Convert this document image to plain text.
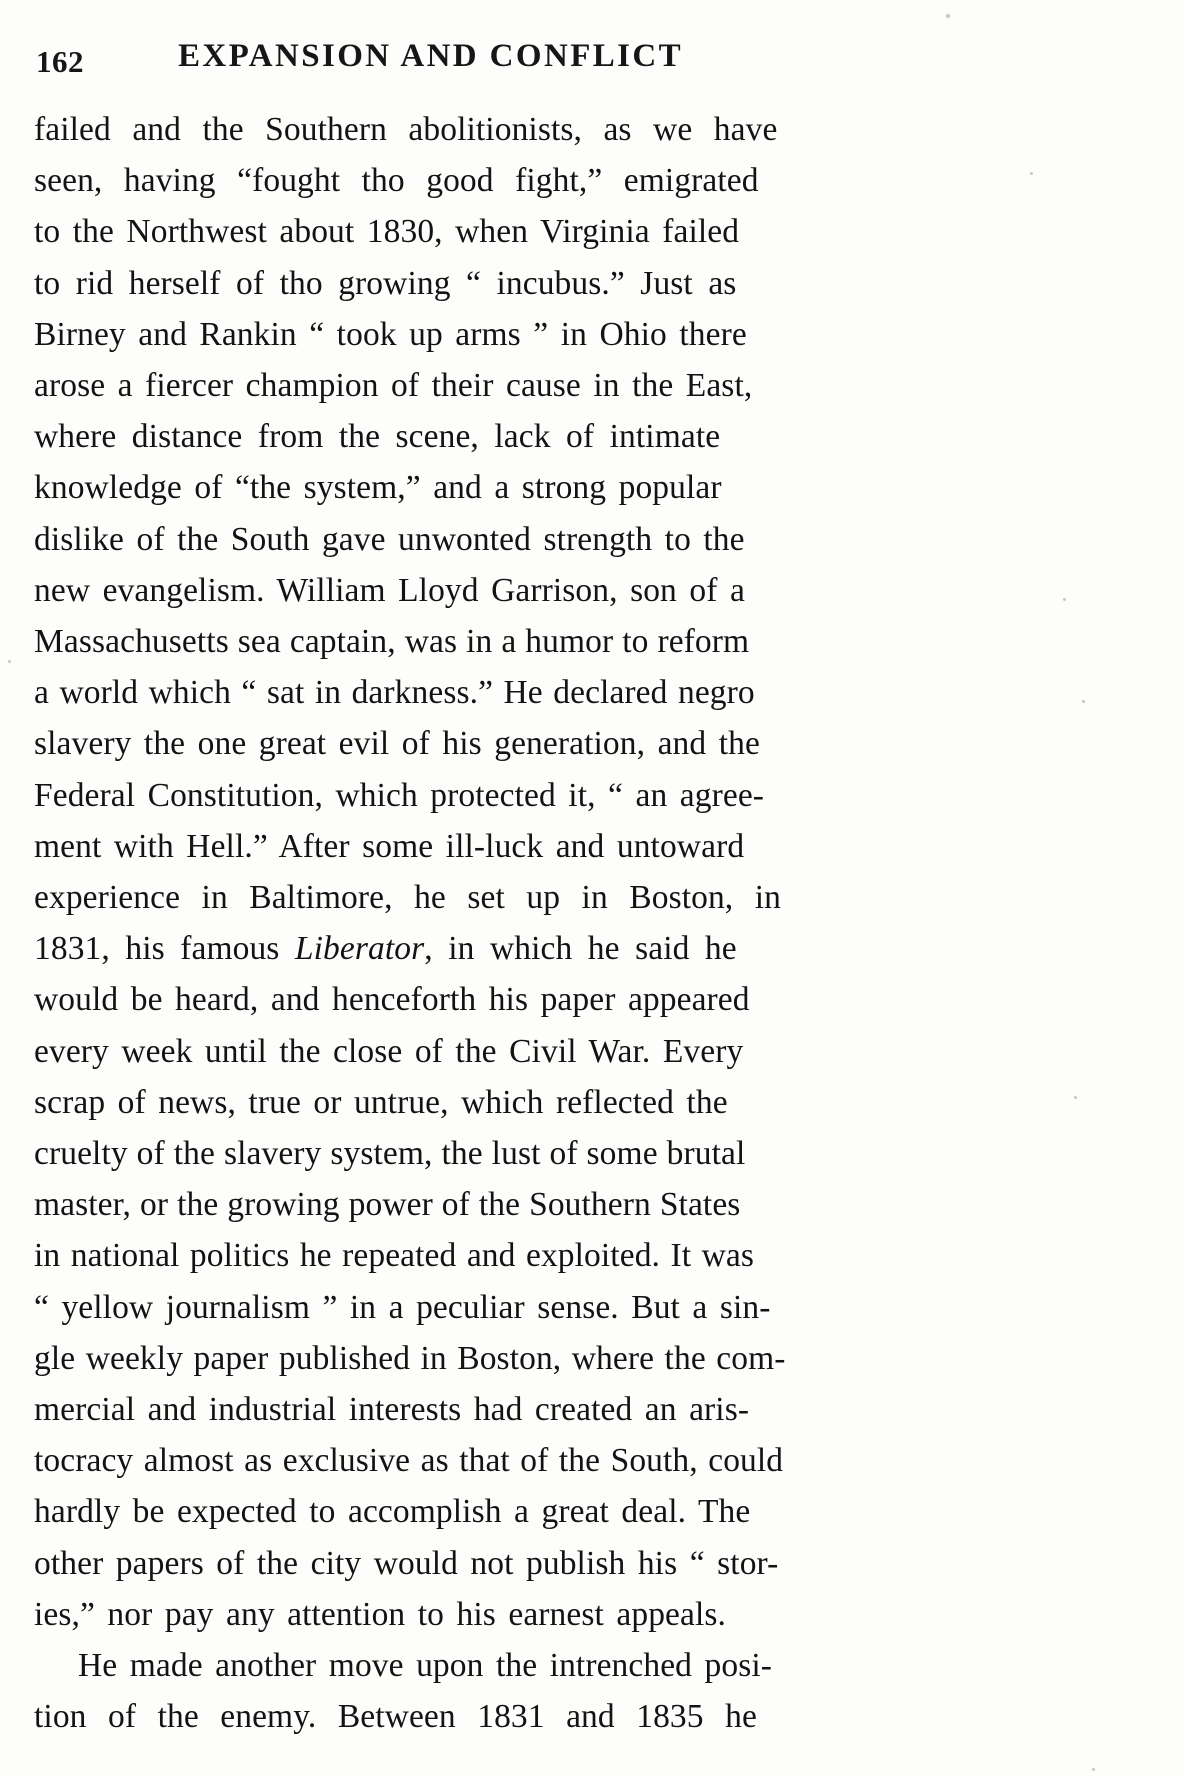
162	EXPANSION AND CONFLICT
failed and the Southern abolitionists, as we have
seen, having “fought tho good fight,” emigrated
to the Northwest about 1830, when Virginia failed
to rid herself of tho growing “ incubus.” Just as
Birney and Rankin “ took up arms ” in Ohio there
arose a fiercer champion of their cause in the East,
where distance from the scene, lack of intimate
knowledge of “the system,” and a strong popular
dislike of the South gave unwonted strength to the
new evangelism. William Lloyd Garrison, son of a
Massachusetts sea captain, was in a humor to reform
a world which “ sat in darkness.” He declared negro
slavery the one great evil of his generation, and the
Federal Constitution, which protected it, “ an agree-
ment with Hell.” After some ill-luck and untoward
experience in Baltimore, he set up in Boston, in
1831, his famous Liberator, in which he said he
would be heard, and henceforth his paper appeared
every week until the close of the Civil War. Every
scrap of news, true or untrue, which reflected the
cruelty of the slavery system, the lust of some brutal
master, or the growing power of the Southern States
in national politics he repeated and exploited. It was
“ yellow journalism ” in a peculiar sense. But a sin-
gle weekly paper published in Boston, where the com-
mercial and industrial interests had created an aris-
tocracy almost as exclusive as that of the South, could
hardly be expected to accomplish a great deal. The
other papers of the city would not publish his “ stor-
ies,” nor pay any attention to his earnest appeals.
He made another move upon the intrenched posi-
tion of the enemy. Between 1831 and 1835 he
